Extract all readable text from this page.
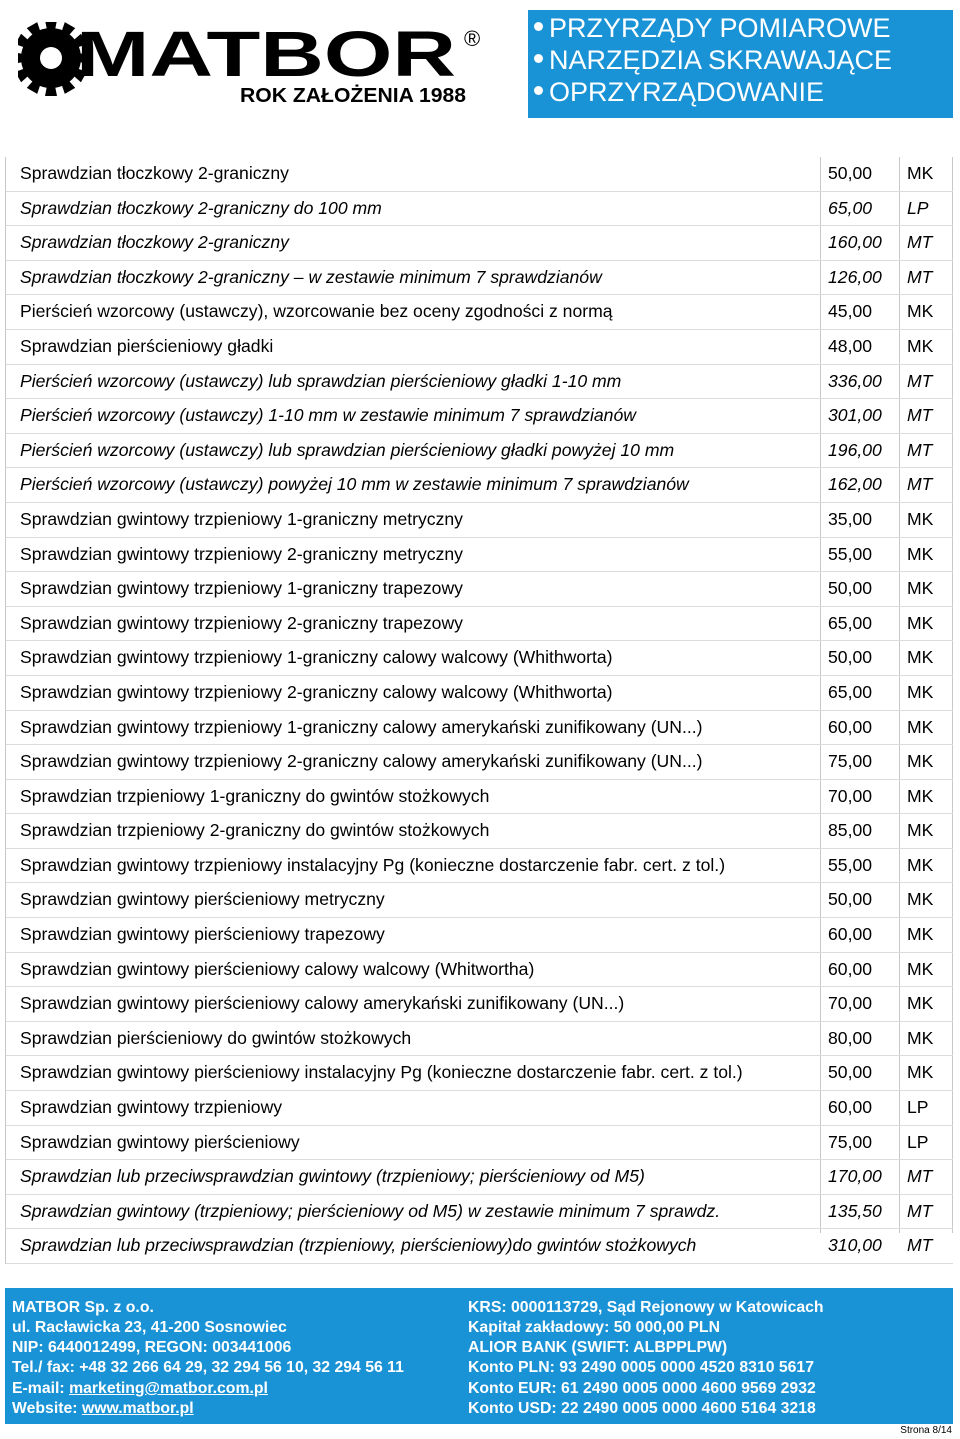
MATBOR ®
ROK ZAŁOŻENIA 1988
PRZYRZĄDY POMIAROWE
NARZĘDZIA SKRAWAJĄCE
OPRZYRZĄDOWANIE
Sprawdzian tłoczkowy 2-graniczny	50,00	MK
Sprawdzian tłoczkowy 2-graniczny do 100 mm	65,00	LP
Sprawdzian tłoczkowy 2-graniczny	160,00	MT
Sprawdzian tłoczkowy 2-graniczny – w zestawie minimum 7 sprawdzianów	126,00	MT
Pierścień wzorcowy (ustawczy), wzorcowanie bez oceny zgodności z normą	45,00	MK
Sprawdzian pierścieniowy gładki	48,00	MK
Pierścień wzorcowy (ustawczy) lub sprawdzian pierścieniowy gładki 1-10 mm	336,00	MT
Pierścień wzorcowy (ustawczy) 1-10 mm w zestawie minimum 7 sprawdzianów	301,00	MT
Pierścień wzorcowy (ustawczy) lub sprawdzian pierścieniowy gładki powyżej 10 mm	196,00	MT
Pierścień wzorcowy (ustawczy) powyżej 10 mm w zestawie minimum 7 sprawdzianów	162,00	MT
Sprawdzian gwintowy trzpieniowy 1-graniczny metryczny	35,00	MK
Sprawdzian gwintowy trzpieniowy 2-graniczny metryczny	55,00	MK
Sprawdzian gwintowy trzpieniowy 1-graniczny trapezowy	50,00	MK
Sprawdzian gwintowy trzpieniowy 2-graniczny trapezowy	65,00	MK
Sprawdzian gwintowy trzpieniowy 1-graniczny calowy walcowy (Whithworta)	50,00	MK
Sprawdzian gwintowy trzpieniowy 2-graniczny calowy walcowy (Whithworta)	65,00	MK
Sprawdzian gwintowy trzpieniowy 1-graniczny calowy amerykański zunifikowany (UN...)	60,00	MK
Sprawdzian gwintowy trzpieniowy 2-graniczny calowy amerykański zunifikowany (UN...)	75,00	MK
Sprawdzian trzpieniowy 1-graniczny do gwintów stożkowych	70,00	MK
Sprawdzian trzpieniowy 2-graniczny do gwintów stożkowych	85,00	MK
Sprawdzian gwintowy trzpieniowy instalacyjny Pg (konieczne dostarczenie fabr. cert. z tol.)	55,00	MK
Sprawdzian gwintowy pierścieniowy metryczny	50,00	MK
Sprawdzian gwintowy pierścieniowy trapezowy	60,00	MK
Sprawdzian gwintowy pierścieniowy calowy walcowy (Whitwortha)	60,00	MK
Sprawdzian gwintowy pierścieniowy calowy amerykański zunifikowany (UN...)	70,00	MK
Sprawdzian pierścieniowy do gwintów stożkowych	80,00	MK
Sprawdzian gwintowy pierścieniowy instalacyjny Pg (konieczne dostarczenie fabr. cert. z tol.)	50,00	MK
Sprawdzian gwintowy trzpieniowy	60,00	LP
Sprawdzian gwintowy pierścieniowy	75,00	LP
Sprawdzian lub przeciwsprawdzian gwintowy (trzpieniowy; pierścieniowy od M5)	170,00	MT
Sprawdzian gwintowy (trzpieniowy; pierścieniowy od M5) w zestawie minimum 7 sprawdz.	135,50	MT
Sprawdzian lub przeciwsprawdzian (trzpieniowy, pierścieniowy)do gwintów stożkowych	310,00	MT
MATBOR Sp. z o.o.
ul. Racławicka 23, 41-200 Sosnowiec
NIP: 6440012499, REGON: 003441006
Tel./ fax: +48 32 266 64 29, 32 294 56 10, 32 294 56 11
E-mail: marketing@matbor.com.pl
Website: www.matbor.pl
KRS: 0000113729, Sąd Rejonowy w Katowicach
Kapitał zakładowy: 50 000,00 PLN
ALIOR BANK (SWIFT: ALBPPLPW)
Konto PLN: 93 2490 0005 0000 4520 8310 5617
Konto EUR: 61 2490 0005 0000 4600 9569 2932
Konto USD: 22 2490 0005 0000 4600 5164 3218
Strona 8/14
